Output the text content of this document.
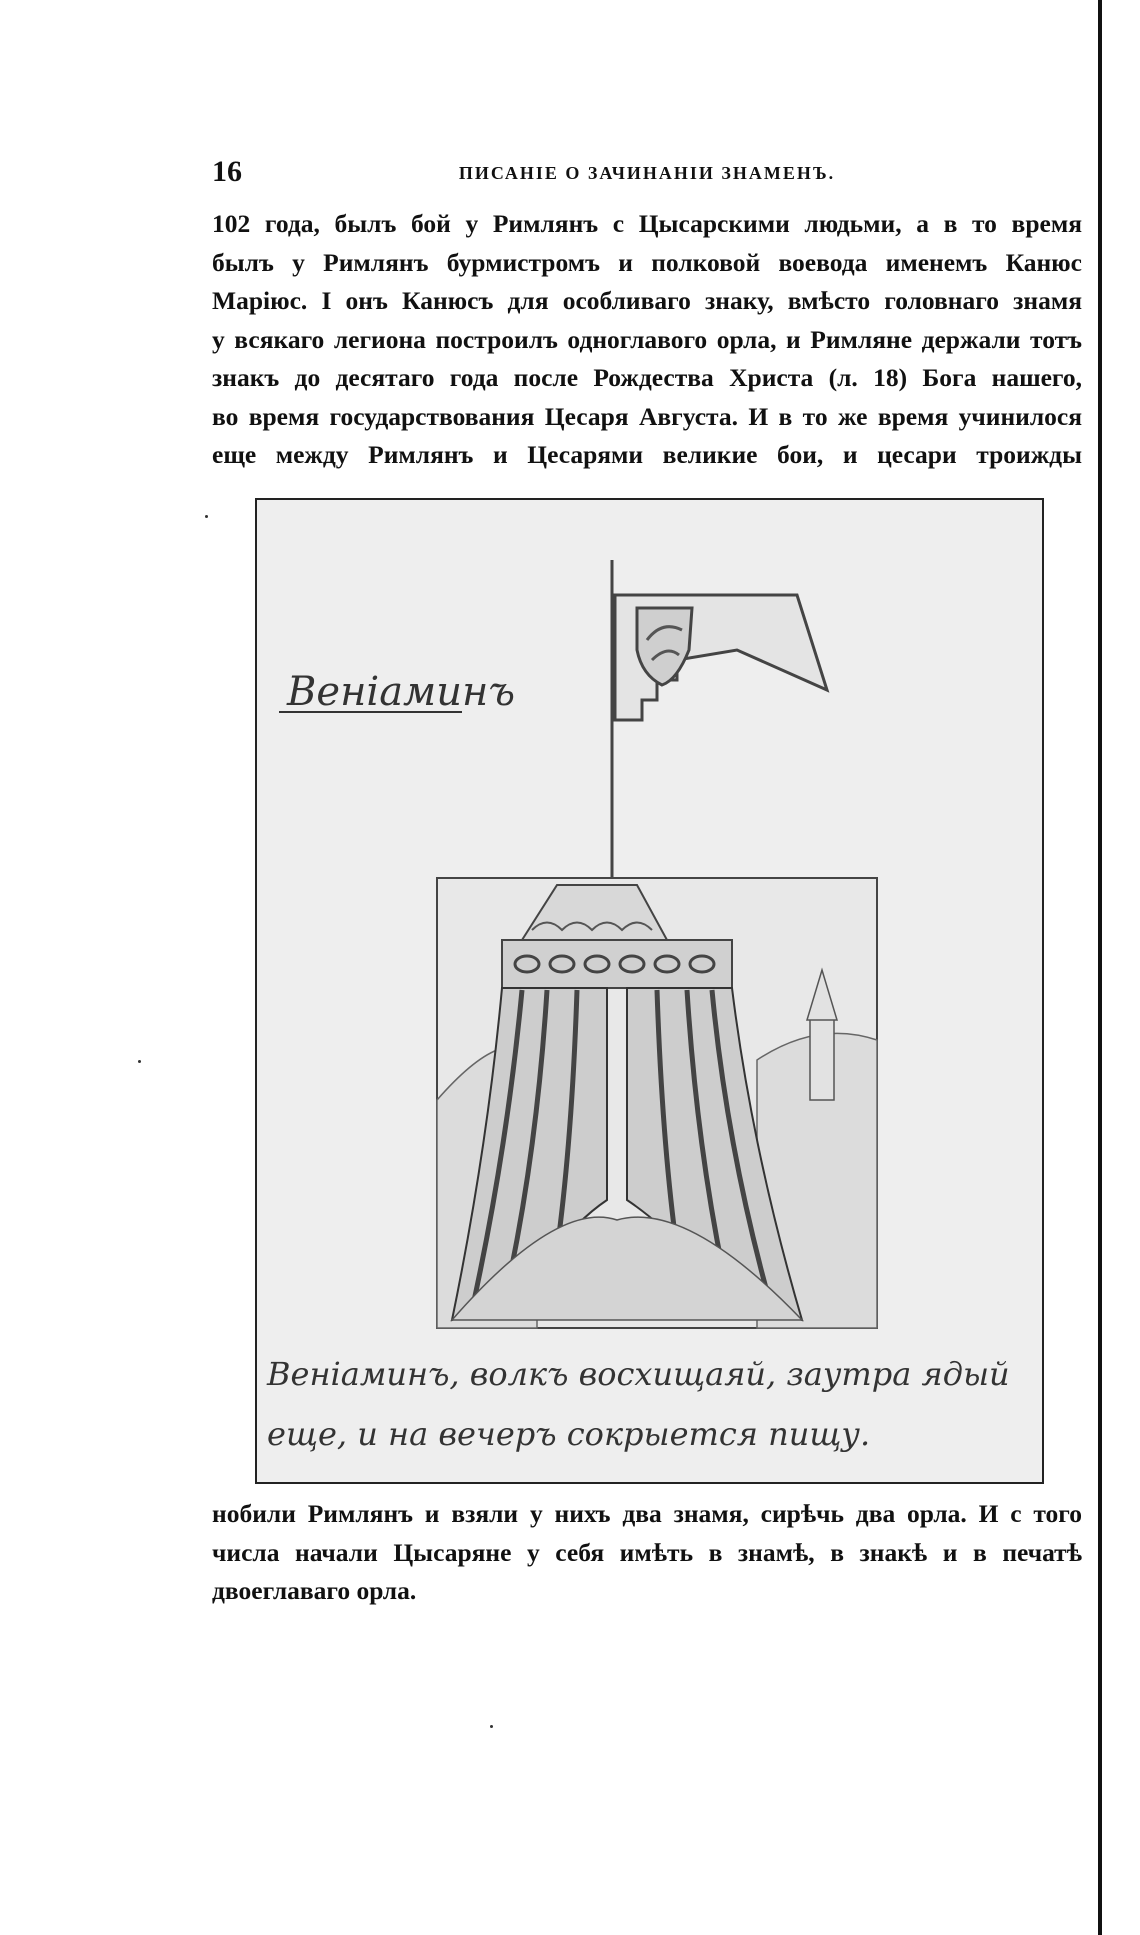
16	ПИСАНІЕ О ЗАЧИНАНІИ ЗНАМЕНЪ.
102 года, былъ бой у Римлянъ с Цысарскими людьми, а в то время
былъ у Римлянъ бурмистромъ и полковой воевода именемъ Канюс
Марiюс. I онъ Канюсъ для особливаго знаку, вмѣсто головнаго знамя
у всякаго легиона построилъ одноглавого орла, и Римляне держали тотъ
знакъ до десятаго года после Рождества Христа (л. 18) Бога нашего,
во время государствования Цесаря Августа. И в то же время учинилося
еще между Римлянъ и Цесарями великие бои, и цесари троижды
Веніаминъ
Веніаминъ, волкъ восхищаяй, заутра ядый
еще, и на вечеръ сокрыется пищу.
нобили Римлянъ и взяли у нихъ два знамя, сирѣчь два орла. И с того
числа начали Цысаряне у себя имѣть в знамѣ, в знакѣ и в печатѣ
двоеглаваго орла.
